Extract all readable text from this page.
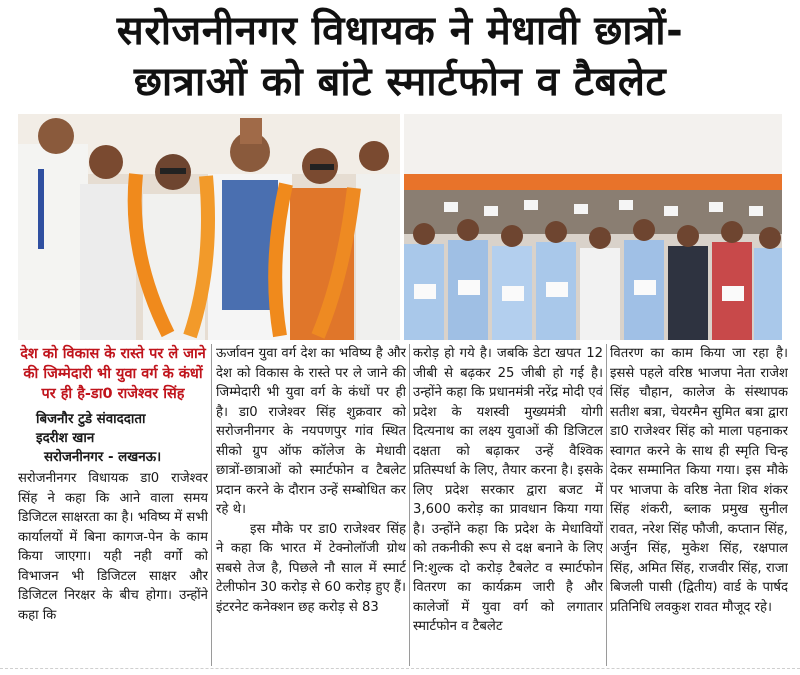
सरोजनीनगर विधायक ने मेधावी छात्रों-
छात्राओं को बांटे स्मार्टफोन व टैबलेट
देश को विकास के रास्ते पर ले जाने की जिम्मेदारी भी युवा वर्ग के कंधों पर ही है-डा0 राजेश्वर सिंह
बिजनौर टुडे संवाददाता
इदरीश खान
सरोजनीनगर - लखनऊ।
सरोजनीनगर विधायक डा0 राजेश्वर सिंह ने कहा कि आने वाला समय डिजिटल साक्षरता का है। भविष्य में सभी कार्यालयों में बिना कागज-पेन के काम किया जाएगा। यही नही वर्गो को विभाजन भी डिजिटल साक्षर और डिजिटल निरक्षर के बीच होगा। उन्होंने कहा कि
ऊर्जावन युवा वर्ग देश का भविष्य है और देश को विकास के रास्ते पर ले जाने की जिम्मेदारी भी युवा वर्ग के कंधों पर ही है। डा0 राजेश्वर सिंह शुक्रवार को सरोजनीनगर के नयपणपुर गांव स्थित सीको ग्रुप ऑफ कॉलेज के मेधावी छात्रों-छात्राओं को स्मार्टफोन व टैबलेट प्रदान करने के दौरान उन्हें सम्बोधित कर रहे थे।
इस मौके पर डा0 राजेश्वर सिंह ने कहा कि भारत में टेक्नोलॉजी ग्रोथ सबसे तेज है, पिछले नौ साल में स्मार्ट टेलीफोन 30 करोड़ से 60 करोड़ हुए हैं। इंटरनेट कनेक्शन छह करोड़ से 83
करोड़ हो गये है। जबकि डेटा खपत 12 जीबी से बढ़कर 25 जीबी हो गई है। उन्होंने कहा कि प्रधानमंत्री नरेंद्र मोदी एवं प्रदेश के यशस्वी मुख्यमंत्री योगी दित्यनाथ का लक्ष्य युवाओं की डिजिटल दक्षता को बढ़ाकर उन्हें वैश्विक प्रतिस्पर्धा के लिए, तैयार करना है। इसके लिए प्रदेश सरकार द्वारा बजट में 3,600 करोड़ का प्रावधान किया गया है। उन्होंने कहा कि प्रदेश के मेधावियों को तकनीकी रूप से दक्ष बनाने के लिए नि:शुल्क दो करोड़ टैबलेट व स्मार्टफोन वितरण का कार्यक्रम जारी है और कालेजों में युवा वर्ग को लगातार स्मार्टफोन व टैबलेट
वितरण का काम किया जा रहा है। इससे पहले वरिष्ठ भाजपा नेता राजेश सिंह चौहान, कालेज के संस्थापक सतीश बत्रा, चेयरमैन सुमित बत्रा द्वारा डा0 राजेश्वर सिंह को माला पहनाकर स्वागत करने के साथ ही स्मृति चिन्ह देकर सम्मानित किया गया। इस मौके पर भाजपा के वरिष्ठ नेता शिव शंकर सिंह शंकरी, ब्लाक प्रमुख सुनील रावत, नरेश सिंह फौजी, कप्तान सिंह, अर्जुन सिंह, मुकेश सिंह, रक्षपाल सिंह, अमित सिंह, राजवीर सिंह, राजा बिजली पासी (द्वितीय) वार्ड के पार्षद प्रतिनिधि लवकुश रावत मौजूद रहे।
